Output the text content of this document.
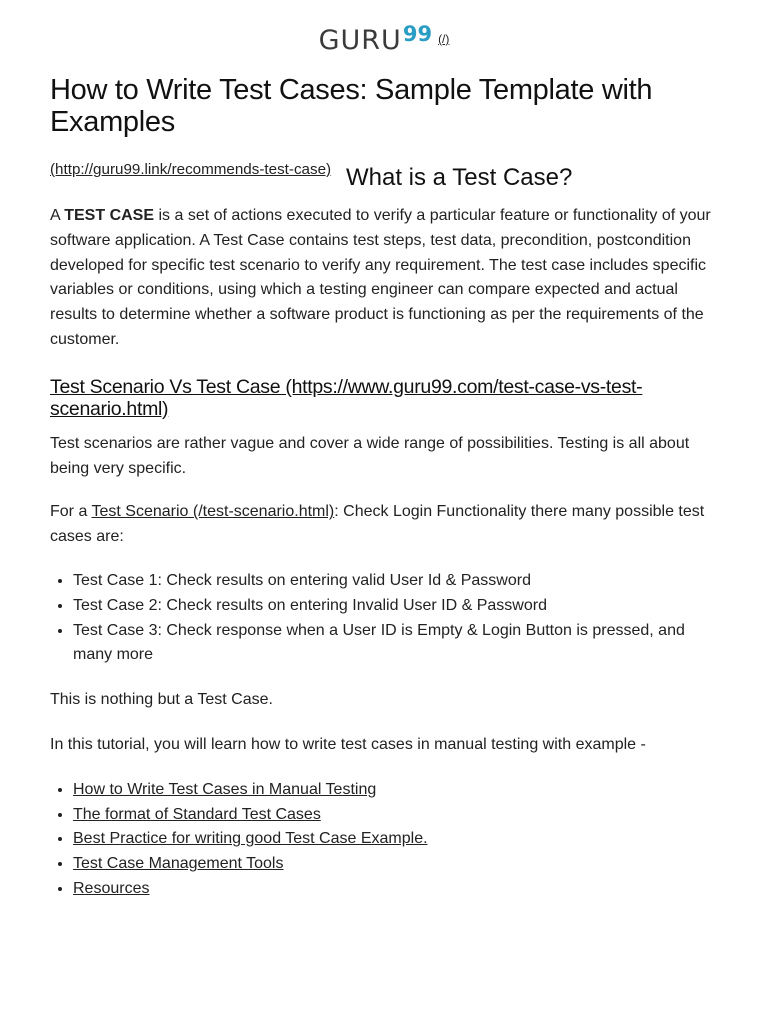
GURU99 (/)
How to Write Test Cases: Sample Template with Examples
(http://guru99.link/recommends-test-case) What is a Test Case?

A TEST CASE is a set of actions executed to verify a particular feature or functionality of your software application. A Test Case contains test steps, test data, precondition, postcondition developed for specific test scenario to verify any requirement. The test case includes specific variables or conditions, using which a testing engineer can compare expected and actual results to determine whether a software product is functioning as per the requirements of the customer.

Test Scenario Vs Test Case (https://www.guru99.com/test-case-vs-test-scenario.html)

Test scenarios are rather vague and cover a wide range of possibilities. Testing is all about being very specific.

For a Test Scenario (/test-scenario.html): Check Login Functionality there many possible test cases are:

• Test Case 1: Check results on entering valid User Id & Password
• Test Case 2: Check results on entering Invalid User ID & Password
• Test Case 3: Check response when a User ID is Empty & Login Button is pressed, and many more

This is nothing but a Test Case.

In this tutorial, you will learn how to write test cases in manual testing with example -

• How to Write Test Cases in Manual Testing
• The format of Standard Test Cases
• Best Practice for writing good Test Case Example.
• Test Case Management Tools
• Resources
